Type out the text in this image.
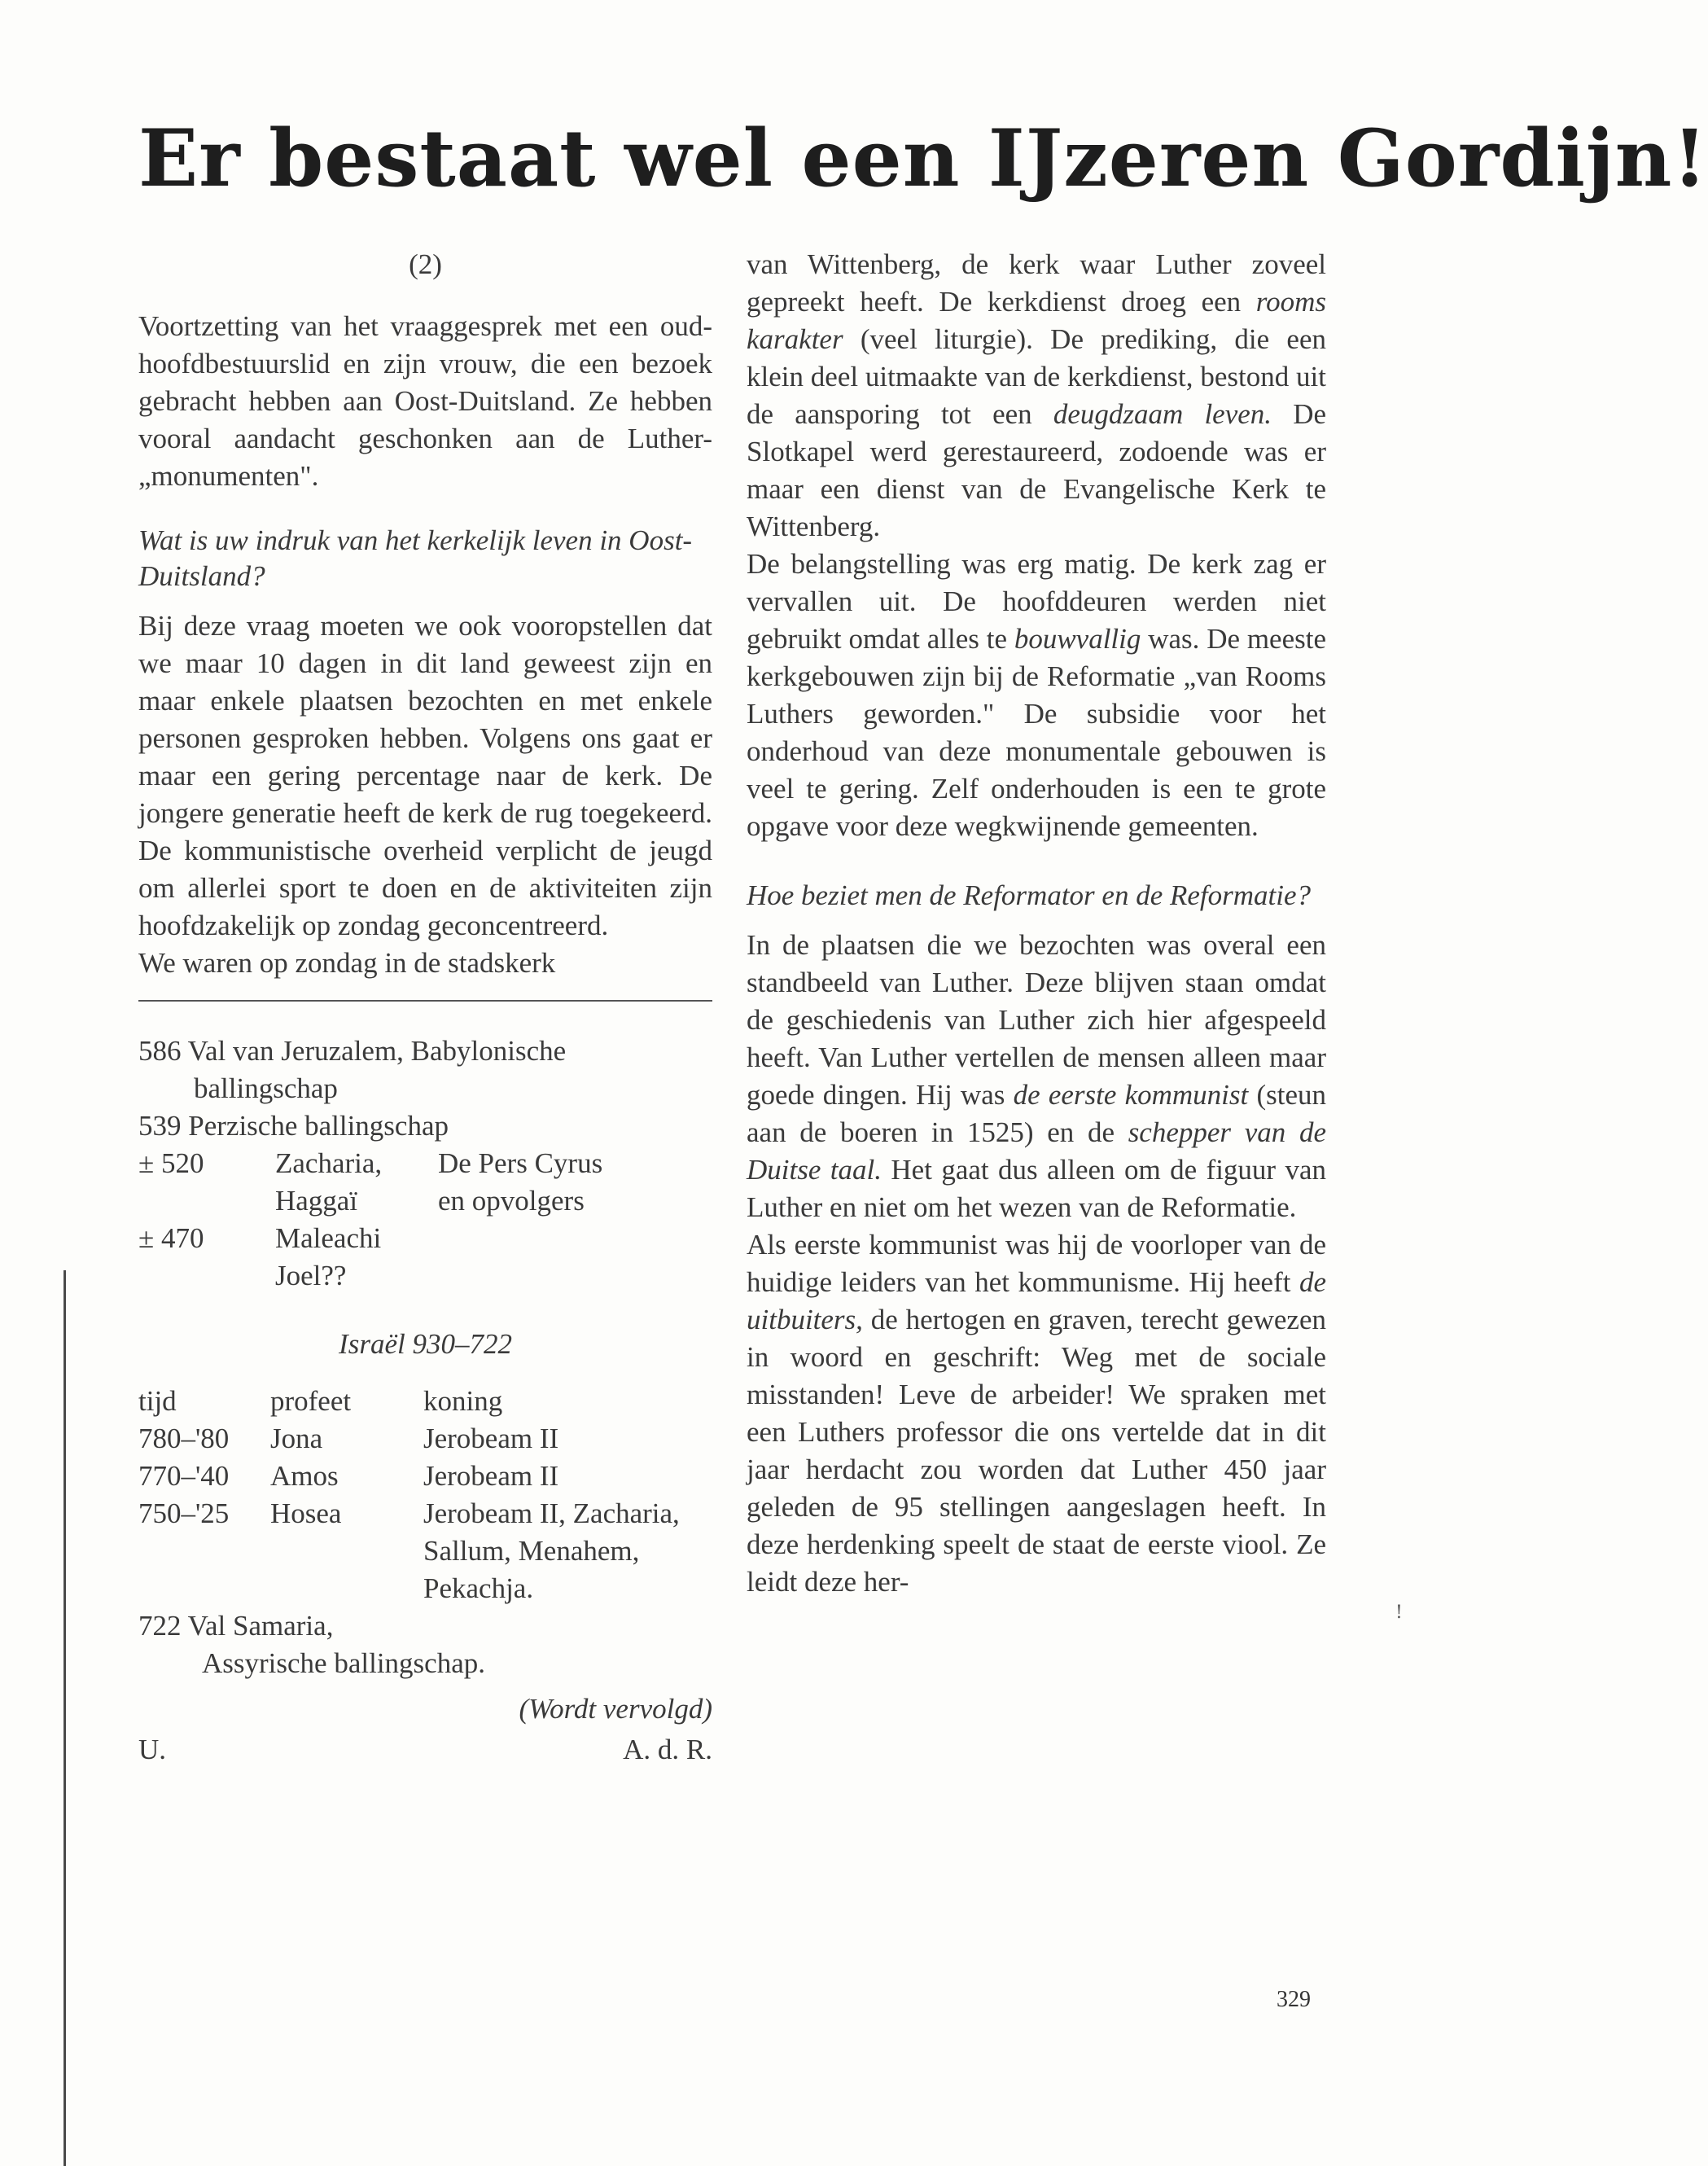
Er bestaat wel een IJzeren Gordijn!
(2)

Voortzetting van het vraaggesprek met een oud-hoofdbestuurslid en zijn vrouw, die een bezoek gebracht hebben aan Oost-Duitsland. Ze hebben vooral aandacht geschonken aan de Luther-„monumenten".

Wat is uw indruk van het kerkelijk leven in Oost-Duitsland?

Bij deze vraag moeten we ook vooropstellen dat we maar 10 dagen in dit land geweest zijn en maar enkele plaatsen bezochten en met enkele personen gesproken hebben. Volgens ons gaat er maar een gering percentage naar de kerk. De jongere generatie heeft de kerk de rug toegekeerd. De kommunistische overheid verplicht de jeugd om allerlei sport te doen en de aktiviteiten zijn hoofdzakelijk op zondag geconcentreerd.

We waren op zondag in de stadskerk
586 Val van Jeruzalem, Babylonische
ballingschap
539 Perzische ballingschap
± 520	Zacharia,	De Pers Cyrus
	Haggaï	en opvolgers
± 470	Maleachi	
	Joel??	
Israël 930–722
tijd	profeet	koning
780–'80	Jona	Jerobeam II
770–'40	Amos	Jerobeam II
750–'25	Hosea	Jerobeam II, Zacharia,
		Sallum, Menahem,
		Pekachja.
722 Val Samaria,
Assyrische ballingschap.
(Wordt vervolgd)
U.	A. d. R.

van Wittenberg, de kerk waar Luther zoveel gepreekt heeft. De kerkdienst droeg een rooms karakter (veel liturgie). De prediking, die een klein deel uitmaakte van de kerkdienst, bestond uit de aansporing tot een deugdzaam leven. De Slotkapel werd gerestaureerd, zodoende was er maar een dienst van de Evangelische Kerk te Wittenberg.

De belangstelling was erg matig. De kerk zag er vervallen uit. De hoofddeuren werden niet gebruikt omdat alles te bouwvallig was. De meeste kerkgebouwen zijn bij de Reformatie „van Rooms Luthers geworden." De subsidie voor het onderhoud van deze monumentale gebouwen is veel te gering. Zelf onderhouden is een te grote opgave voor deze wegkwijnende gemeenten.

Hoe beziet men de Reformator en de Reformatie?

In de plaatsen die we bezochten was overal een standbeeld van Luther. Deze blijven staan omdat de geschiedenis van Luther zich hier afgespeeld heeft. Van Luther vertellen de mensen alleen maar goede dingen. Hij was de eerste kommunist (steun aan de boeren in 1525) en de schepper van de Duitse taal. Het gaat dus alleen om de figuur van Luther en niet om het wezen van de Reformatie.

Als eerste kommunist was hij de voorloper van de huidige leiders van het kommunisme. Hij heeft de uitbuiters, de hertogen en graven, terecht gewezen in woord en geschrift: Weg met de sociale misstanden! Leve de arbeider! We spraken met een Luthers professor die ons vertelde dat in dit jaar herdacht zou worden dat Luther 450 jaar geleden de 95 stellingen aangeslagen heeft. In deze herdenking speelt de staat de eerste viool. Ze leidt deze her-

329
!
